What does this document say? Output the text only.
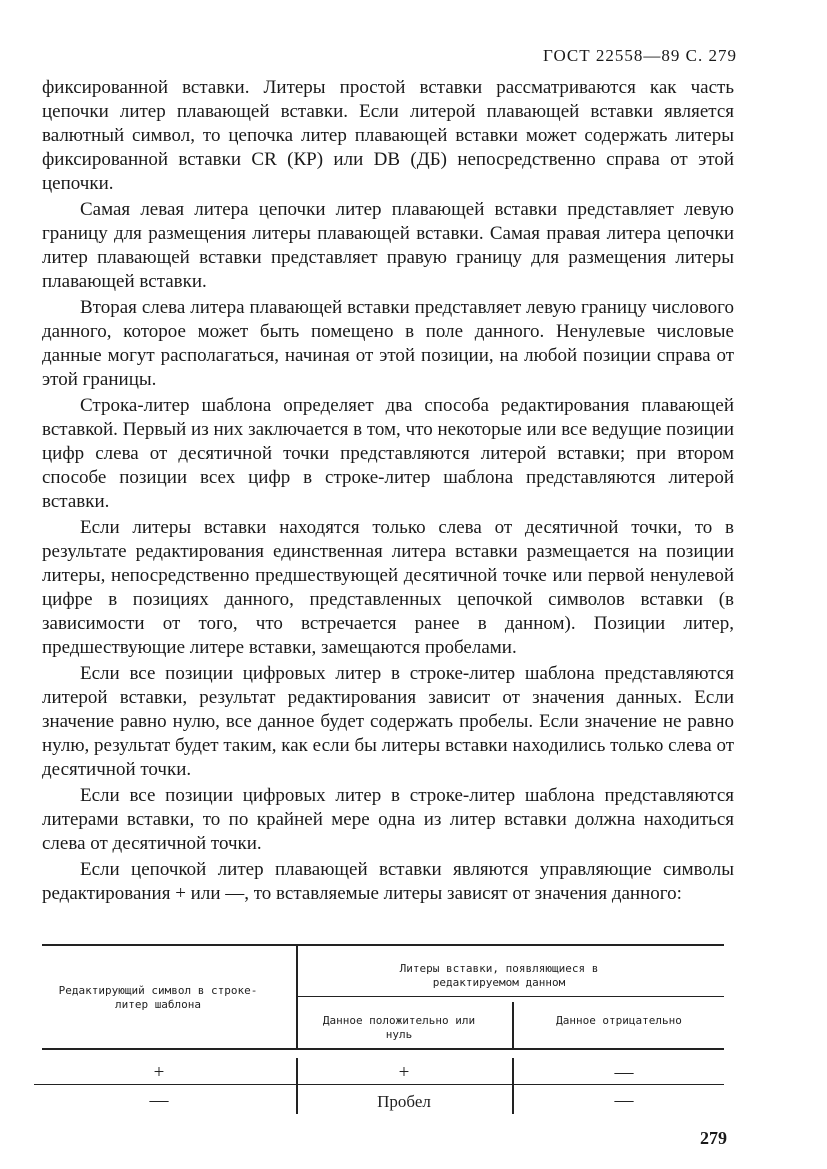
ГОСТ 22558—89 С. 279

фиксированной вставки. Литеры простой вставки рассматриваются как часть цепочки литер плавающей вставки. Если литерой плавающей вставки является валютный символ, то цепочка литер плавающей вставки может содержать литеры фиксированной вставки CR (КР) или DB (ДБ) непосредственно справа от этой цепочки.

Самая левая литера цепочки литер плавающей вставки представляет левую границу для размещения литеры плавающей вставки. Самая правая литера цепочки литер плавающей вставки представляет правую границу для размещения литеры плавающей вставки.

Вторая слева литера плавающей вставки представляет левую границу числового данного, которое может быть помещено в поле данного. Ненулевые числовые данные могут располагаться, начиная от этой позиции, на любой позиции справа от этой границы.

Строка-литер шаблона определяет два способа редактирования плавающей вставкой. Первый из них заключается в том, что некоторые или все ведущие позиции цифр слева от десятичной точки представляются литерой вставки; при втором способе позиции всех цифр в строке-литер шаблона представляются литерой вставки.

Если литеры вставки находятся только слева от десятичной точки, то в результате редактирования единственная литера вставки размещается на позиции литеры, непосредственно предшествующей десятичной точке или первой ненулевой цифре в позициях данного, представленных цепочкой символов вставки (в зависимости от того, что встречается ранее в данном). Позиции литер, предшествующие литере вставки, замещаются пробелами.

Если все позиции цифровых литер в строке-литер шаблона представляются литерой вставки, результат редактирования зависит от значения данных. Если значение равно нулю, все данное будет содержать пробелы. Если значение не равно нулю, результат будет таким, как если бы литеры вставки находились только слева от десятичной точки.

Если все позиции цифровых литер в строке-литер шаблона представляются литерами вставки, то по крайней мере одна из литер вставки должна находиться слева от десятичной точки.

Если цепочкой литер плавающей вставки являются управляющие символы редактирования + или —, то вставляемые литеры зависят от значения данного:

Редактирующий символ в строке-литер шаблона
Литеры вставки, появляющиеся в редактируемом данном
Данное положительно или нуль
Данное отрицательно
+	+	—
—	Пробел	—
279
